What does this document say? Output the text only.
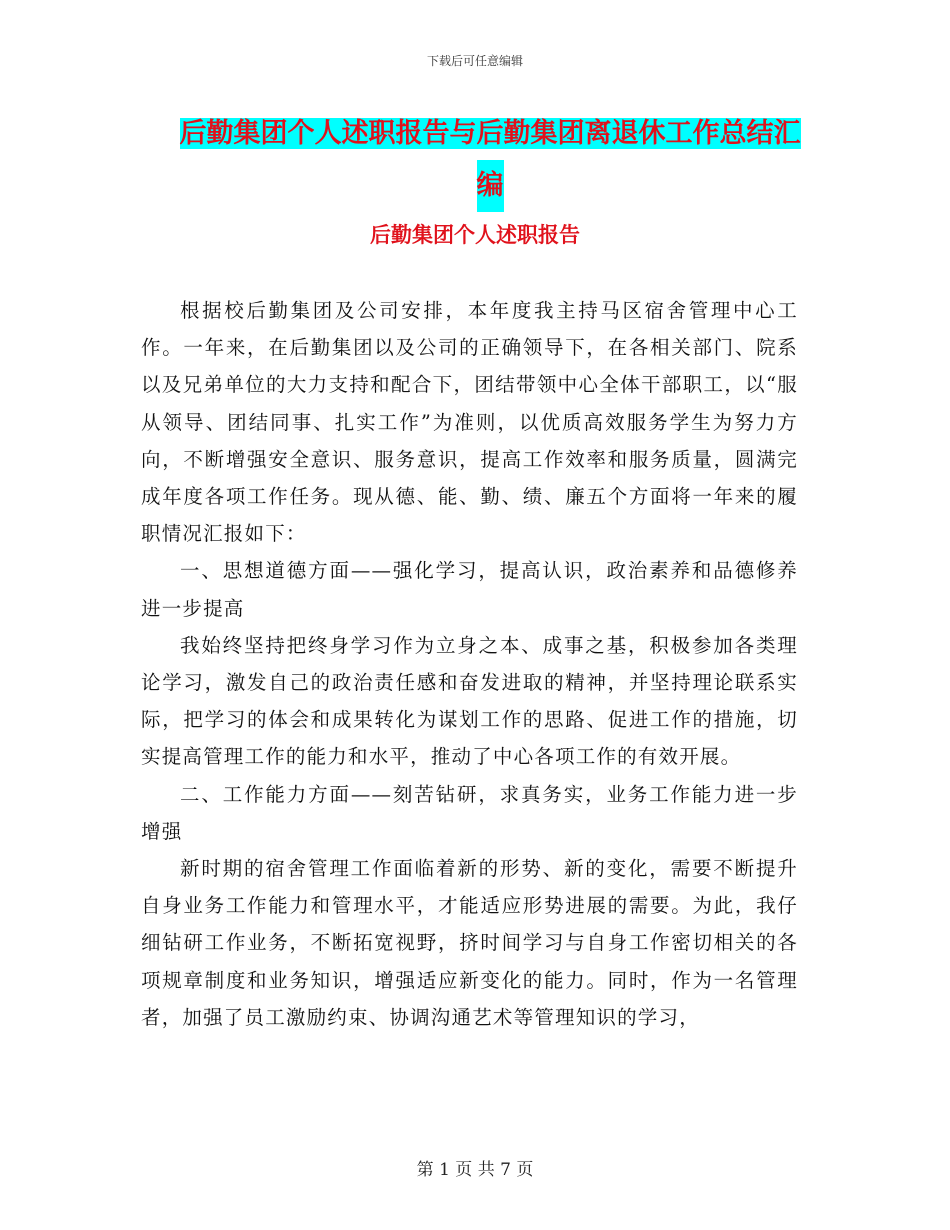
下载后可任意编辑
后勤集团个人述职报告与后勤集团离退休工作总结汇
编
后勤集团个人述职报告

根据校后勤集团及公司安排，本年度我主持马区宿舍管理中心工作。一年来，在后勤集团以及公司的正确领导下，在各相关部门、院系以及兄弟单位的大力支持和配合下，团结带领中心全体干部职工，以“服从领导、团结同事、扎实工作”为准则，以优质高效服务学生为努力方向，不断增强安全意识、服务意识，提高工作效率和服务质量，圆满完成年度各项工作任务。现从德、能、勤、绩、廉五个方面将一年来的履职情况汇报如下：

一、思想道德方面——强化学习，提高认识，政治素养和品德修养进一步提高

我始终坚持把终身学习作为立身之本、成事之基，积极参加各类理论学习，激发自己的政治责任感和奋发进取的精神，并坚持理论联系实际，把学习的体会和成果转化为谋划工作的思路、促进工作的措施，切实提高管理工作的能力和水平，推动了中心各项工作的有效开展。

二、工作能力方面——刻苦钻研，求真务实，业务工作能力进一步增强

新时期的宿舍管理工作面临着新的形势、新的变化，需要不断提升自身业务工作能力和管理水平，才能适应形势进展的需要。为此，我仔细钻研工作业务，不断拓宽视野，挤时间学习与自身工作密切相关的各项规章制度和业务知识，增强适应新变化的能力。同时，作为一名管理者，加强了员工激励约束、协调沟通艺术等管理知识的学习，

第 1 页 共 7 页
